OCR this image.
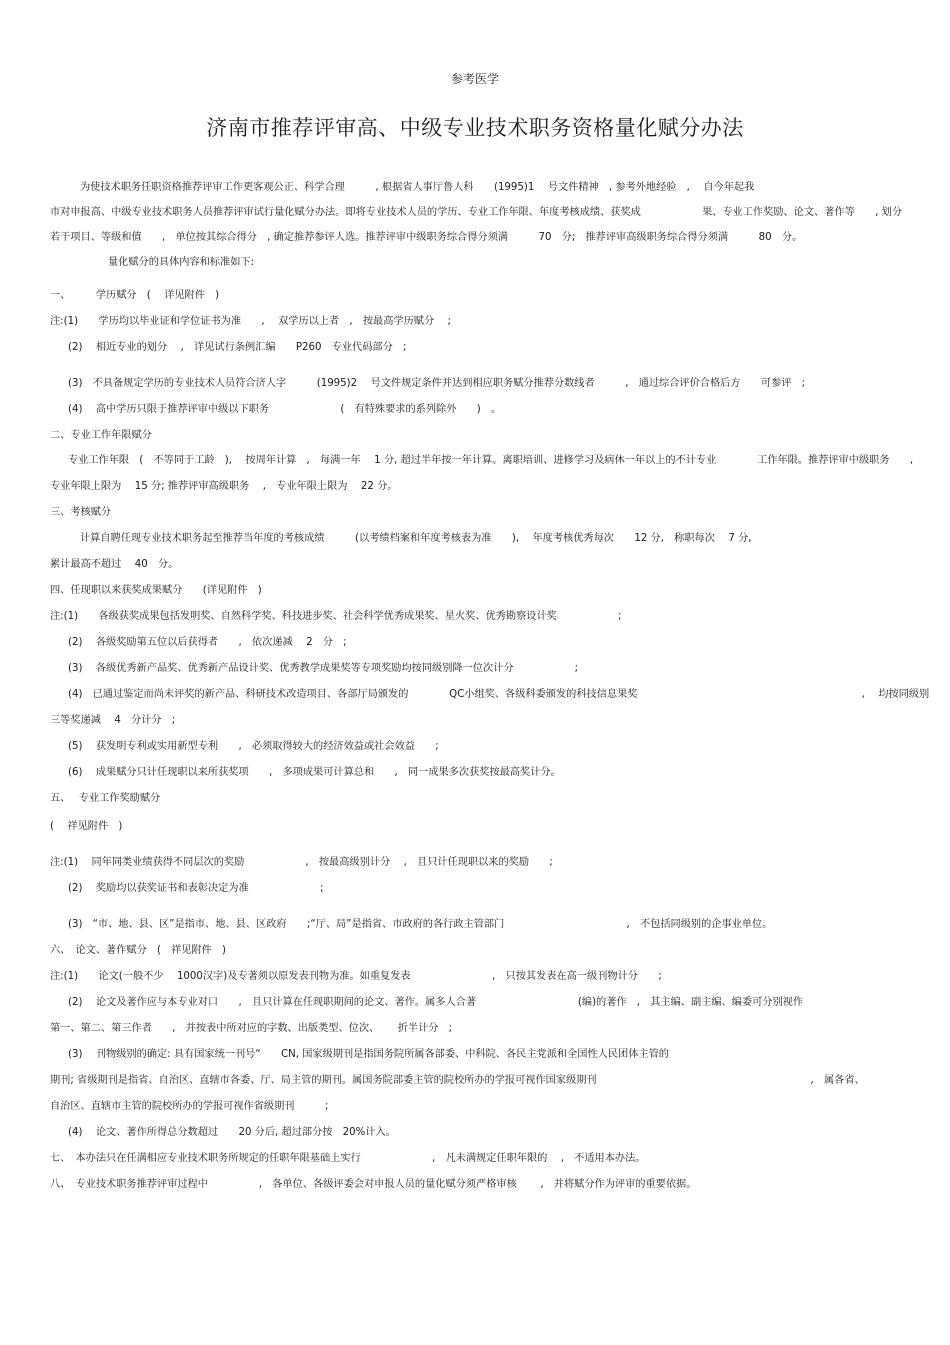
参考医学
济南市推荐评审高、中级专业技术职务资格量化赋分办法
为使技术职务任职资格推荐评审工作更客观公正、科学合理　　　, 根据省人事厅鲁人科　　(1995)1　 号文件精神　, 参考外地经验　,　 自今年起我
市对申报高、中级专业技术职务人员推荐评审试行量化赋分办法。即将专业技术人员的学历、专业工作年限、年度考核成绩、获奖成　　　　　　果、专业工作奖励、论文、著作等　　, 划分
若干项目、等级和值　　,　单位按其综合得分　, 确定推荐参评人选。推荐评审中级职务综合得分须满　　　70　分;　推荐评审高级职务综合得分须满　　　80　分。
量化赋分的具体内容和标准如下:
一、　　　学历赋分　(　 详见附件　)
注:(1)　　学历均以毕业证和学位证书为准　　,　 双学历以上者　,　按最高学历赋分　 ;
(2)　 相近专业的划分　 ,　详见试行条例汇编　　P260　专业代码部分　;
(3)　不具备规定学历的专业技术人员符合济人字　　　(1995)2　 号文件规定条件并达到相应职务赋分推荐分数线者　　　,　通过综合评价合格后方　　可参评　;
(4)　 高中学历只限于推荐评审中级以下职务　　　　　　　(　有特殊要求的系列除外　　)　。
二、专业工作年限赋分
专业工作年限　(　不等同于工龄　),　 按周年计算　,　每满一年　 1 分, 超过半年按一年计算。离职培训、进修学习及病休一年以上的不计专业　　　　工作年限。推荐评审中级职务　　,
专业年限上限为　 15 分; 推荐评审高级职务　 ,　专业年限上限为　 22 分。
三、考核赋分
计算自聘任现专业技术职务起至推荐当年度的考核成绩　　　(以考绩档案和年度考核表为准　　),　 年度考核优秀每次　　12 分,　称职每次　 7 分,
累计最高不超过　 40　分。
四、任现职以来获奖成果赋分　　(详见附件　)
注:(1)　　各级获奖成果包括发明奖、自然科学奖、科技进步奖、社会科学优秀成果奖、星火奖、优秀勘察设计奖　　　　　　;
(2)　 各级奖励第五位以后获得者　　,　依次递减　 2　分　;
(3)　 各级优秀新产品奖、优秀新产品设计奖、优秀教学成果奖等专项奖励均按同级别降一位次计分　　　　　　;
(4)　已通过鉴定而尚未评奖的新产品、科研技术改造项目、各部厅局颁发的　　　　QC小组奖、各级科委颁发的科技信息果奖　　　　　　　　　　　　　　　　　　　　　　, 　均按同级别
三等奖递减　 4　分计分　;
(5)　 获发明专利或实用新型专利　　,　必须取得较大的经济效益或社会效益　　;
(6)　 成果赋分只计任现职以来所获奖项　　,　多项成果可计算总和　　,　同一成果多次获奖按最高奖计分。
五、　 专业工作奖励赋分
(　 祥见附件　)
注:(1)　 同年同类业绩获得不同层次的奖励　　　　　　,　按最高级别计分　 ,　且只计任现职以来的奖励　　;
(2)　 奖励均以获奖证书和表彰决定为准　　　　　　　;
(3)　“市、地、县、区”是指市、地、县、区政府　　;“厅、局”是指省、市政府的各行政主管部门　　　　　　　　　　　　,　不包括同级别的企事业单位。
六、　论文、著作赋分　(　祥见附件　)
注:(1)　　论文(一般不少　 1000汉字)及专著须以原发表刊物为准。如重复发表　　　　　　　　,　只按其发表在高一级刊物计分　　;
(2)　 论文及著作应与本专业对口　　,　且只计算在任现职期间的论文、著作。属多人合著　　　　　　　　　　(编)的著作　,　其主编、副主编、编委可分别视作
第一、第二、第三作者　　,　并按表中所对应的字数、出版类型、位次、　　 折半计分　;
(3)　 刊物级别的确定: 具有国家统一刊号“　　CN, 国家级期刊是指国务院所属各部委、中科院、各民主党派和全国性人民团体主管的
期刊; 省级期刊是指省、自治区、直辖市各委、厅、局主管的期刊。属国务院部委主管的院校所办的学报可视作国家级期刊　　　　　　　　　　　　　　　　　　　　　,　属各省、
自治区、直辖市主管的院校所办的学报可视作省级期刊　　　;
(4)　 论文、著作所得总分数超过　　20 分后, 超过部分按　20%计入。
七、　本办法只在任满相应专业技术职务所规定的任职年限基础上实行　　　　　　　,　凡未满规定任职年限的　 ,　不适用本办法。
八、　专业技术职务推荐评审过程中　　　　　,　各单位、各级评委会对申报人员的量化赋分须严格审核　　 ,　并将赋分作为评审的重要依据。
